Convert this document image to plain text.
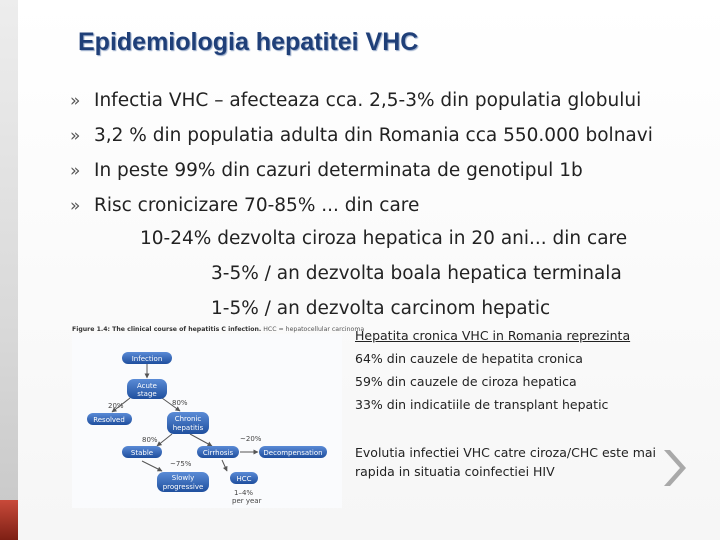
Epidemiologia hepatitei VHC
» Infectia VHC – afecteaza cca. 2,5-3% din populatia globului
» 3,2 % din populatia adulta din Romania cca 550.000 bolnavi
» In peste 99% din cazuri determinata de genotipul 1b
» Risc cronicizare 70-85% ... din care
10-24% dezvolta ciroza hepatica in 20 ani... din care
3-5% / an dezvolta boala hepatica terminala
1-5% / an dezvolta carcinom hepatic
Figure 1.4: The clinical course of hepatitis C infection. HCC = hepatocellular carcinoma
Infection
Acute
stage
Resolved	Chronic
hepatitis
Stable	Cirrhosis	Decompensation
Slowly
progressive
HCC
20%	80%
80%	~20%
~75%
1–4%
per year
Hepatita cronica VHC in Romania reprezinta
64% din cauzele de hepatita cronica
59% din cauzele de ciroza hepatica
33% din indicatiile de transplant hepatic
Evolutia infectiei VHC catre ciroza/CHC este mai
rapida in situatia coinfectiei HIV
